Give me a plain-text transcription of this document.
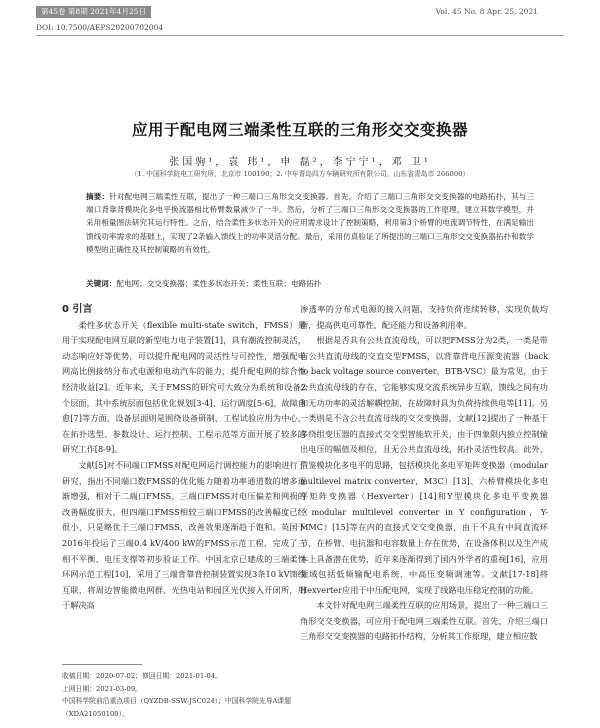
第45卷 第8期 2021年4月25日	Vol. 45 No. 8 Apr. 25, 2021
DOI: 10.7500/AEPS20200702004
应用于配电网三端柔性互联的三角形交交变换器
张国驹¹，袁 玮¹，申 磊²，李宁宁¹，邓 卫¹
（1. 中国科学院电工研究所，北京市 100190；2. 中车青岛四方车辆研究所有限公司，山东省青岛市 266000）
摘要：针对配电网三端柔性互联，提出了一种三端口三角形交交变换器。首先，介绍了三端口三角形交交变换器的电路拓扑，其与三端口背靠背模块化多电平换流器相比桥臂数量减少了一半。然后，分析了三端口三角形交交变换器的工作原理，建立其数学模型，并采用相量图法研究其运行特性。之后，结合柔性多状态开关的应用需求设计了控制策略，利用第3个桥臂的电流调节特性，在满足输出馈线功率需求的基础上，实现了2条输入馈线上的功率灵活分配。最后，采用仿真验证了所提出的三端口三角形交交变换器拓扑和数学模型的正确性及其控制策略的有效性。
关键词：配电网；交交变换器；柔性多状态开关；柔性互联；电路拓扑

0 引言

柔性多状态开关（flexible multi-state switch，FMSS）是用于实现配电网互联的新型电力电子装置[1]，具有潮流控制灵活，动态响应好等优势，可以提升配电网的灵活性与可控性，增强配电网高比例接纳分布式电源和电动汽车的能力，提升配电网的综合性经济收益[2]。近年来，关于FMSS的研究可大致分为系统和设备2个层面，其中系统层面包括优化规划[3-4]、运行调度[5-6]、故障自愈[7]等方面，设备层面则是围绕设备研制、工程试验应用为中心，在拓扑选型、参数设计、运行控制、工程示范等方面开展了较多的研究工作[8-9]。

文献[5]对不同端口FMSS对配电网运行调控能力的影响进行了研究，指出不同端口数FMSS的优化能力随着功率通道数的增多逐渐增强，相对于二端口FMSS，三端口FMSS对电压偏差和网损的改善幅度很大，但四端口FMSS相较三端口FMSS的改善幅度已经很小，只是略优于三端口FMSS，改善效果逐渐趋于饱和。英国于2016年投运了三端0.4 kV/400 kW的FMSS示范工程，完成了三相不平衡、电压支撑等初步验证工作。中国北京已建成的三端柔性环网示范工程[10]，采用了三端背靠背控制装置实现3条10 kV馈线互联，将周边智能微电网群、光热电站和园区光伏接入开闭所，用于解决高

渗透率的分布式电源的接入问题，支持负荷连续转移，实现负载均衡，提高供电可靠性，配还能力和设备利用率。

根据是否具有公共直流母线，可以把FMSS分为2类，一类是带有公共直流母线的交直交型FMSS，以背靠背电压源变流器（back to back voltage source converter，BTB-VSC）最为常见，由于公共直流母线的存在，它能够实现交流系统异步互联，馈线之间有功和无功功率的灵活解耦控制，在故障时具为负荷持续供电等[11]。另一类则是不含公共直流母线的交交变换器，文献[12]提出了一种基于多绕组变压器的直接式交交型智能软开关，由于四象限内独立控制输出电压的幅值及相位，且无公共直流母线，拓扑灵活性较高。此外，借鉴模块化多电平的思路，包括模块化多电平矩阵变换器（modular multilevel matrix converter，M3C）[13]、六桥臂模块化多电平矩阵变换器（Hexverter）[14]和Y型模块化多电平变换器（modular multilevel converter in Y configuration，Y-MMC）[15]等在内的直接式交交变换器，由于不具有中间直流环节，在桥臂、电抗器和电容数量上存在优势，在设备体积以及生产成本上具备潜在优势，近年来逐渐得到了国内外学者的重视[16]，应用领域包括低频输配电系统、中高压变频调速等。文献[17-18]将Hexverter应用于中压配电网，实现了线路电压稳定控制的功能。

本文针对配电网三端柔性互联的应用场景，提出了一种三端口三角形交交变换器，可应用于配电网三端柔性互联。首先，介绍三端口三角形交交变换器的电路拓扑结构，分析其工作原理，建立相应数

收稿日期：2020-07-02；修回日期：2021-01-04。
上网日期：2021-03-09。
中国科学院前沿重点项目（QYZDB-SSW-JSC024）；中国科学院先导A课题（XDA21050100）。
